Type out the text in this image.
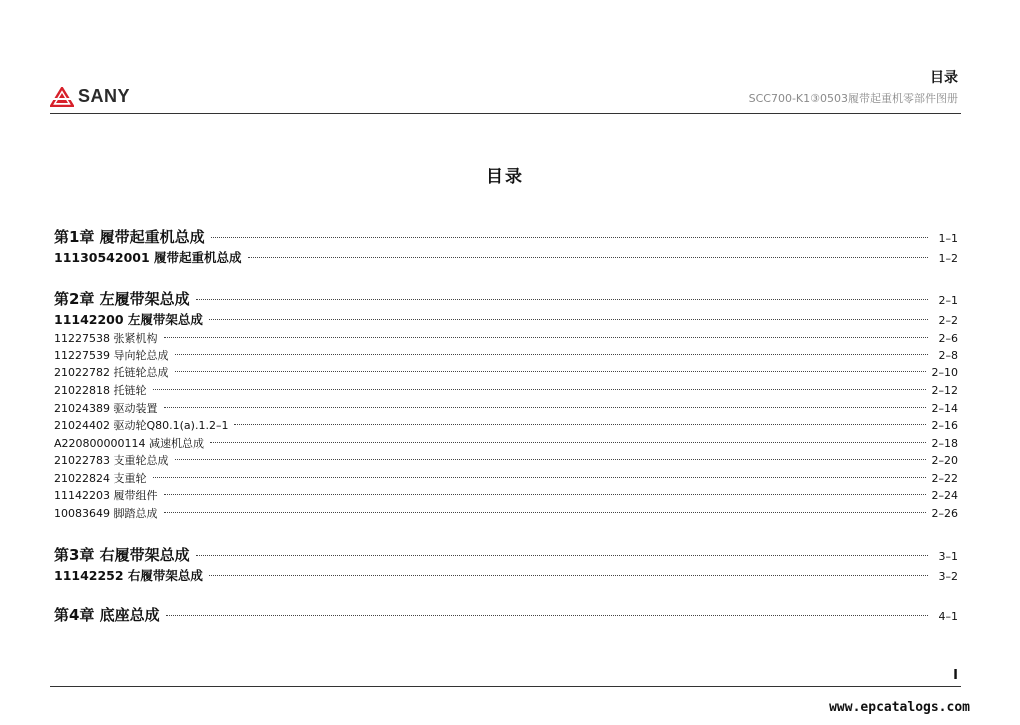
SANY
目录
SCC700-K1③0503履带起重机零部件图册
目录
第1章 履带起重机总成	1–1
11130542001 履带起重机总成	1–2
第2章 左履带架总成	2–1
11142200 左履带架总成	2–2
11227538 张紧机构	2–6
11227539 导向轮总成	2–8
21022782 托链轮总成	2–10
21022818 托链轮	2–12
21024389 驱动装置	2–14
21024402 驱动轮Q80.1(a).1.2–1	2–16
A220800000114 减速机总成	2–18
21022783 支重轮总成	2–20
21022824 支重轮	2–22
11142203 履带组件	2–24
10083649 脚踏总成	2–26
第3章 右履带架总成	3–1
11142252 右履带架总成	3–2
第4章 底座总成	4–1
I
www.epcatalogs.com
